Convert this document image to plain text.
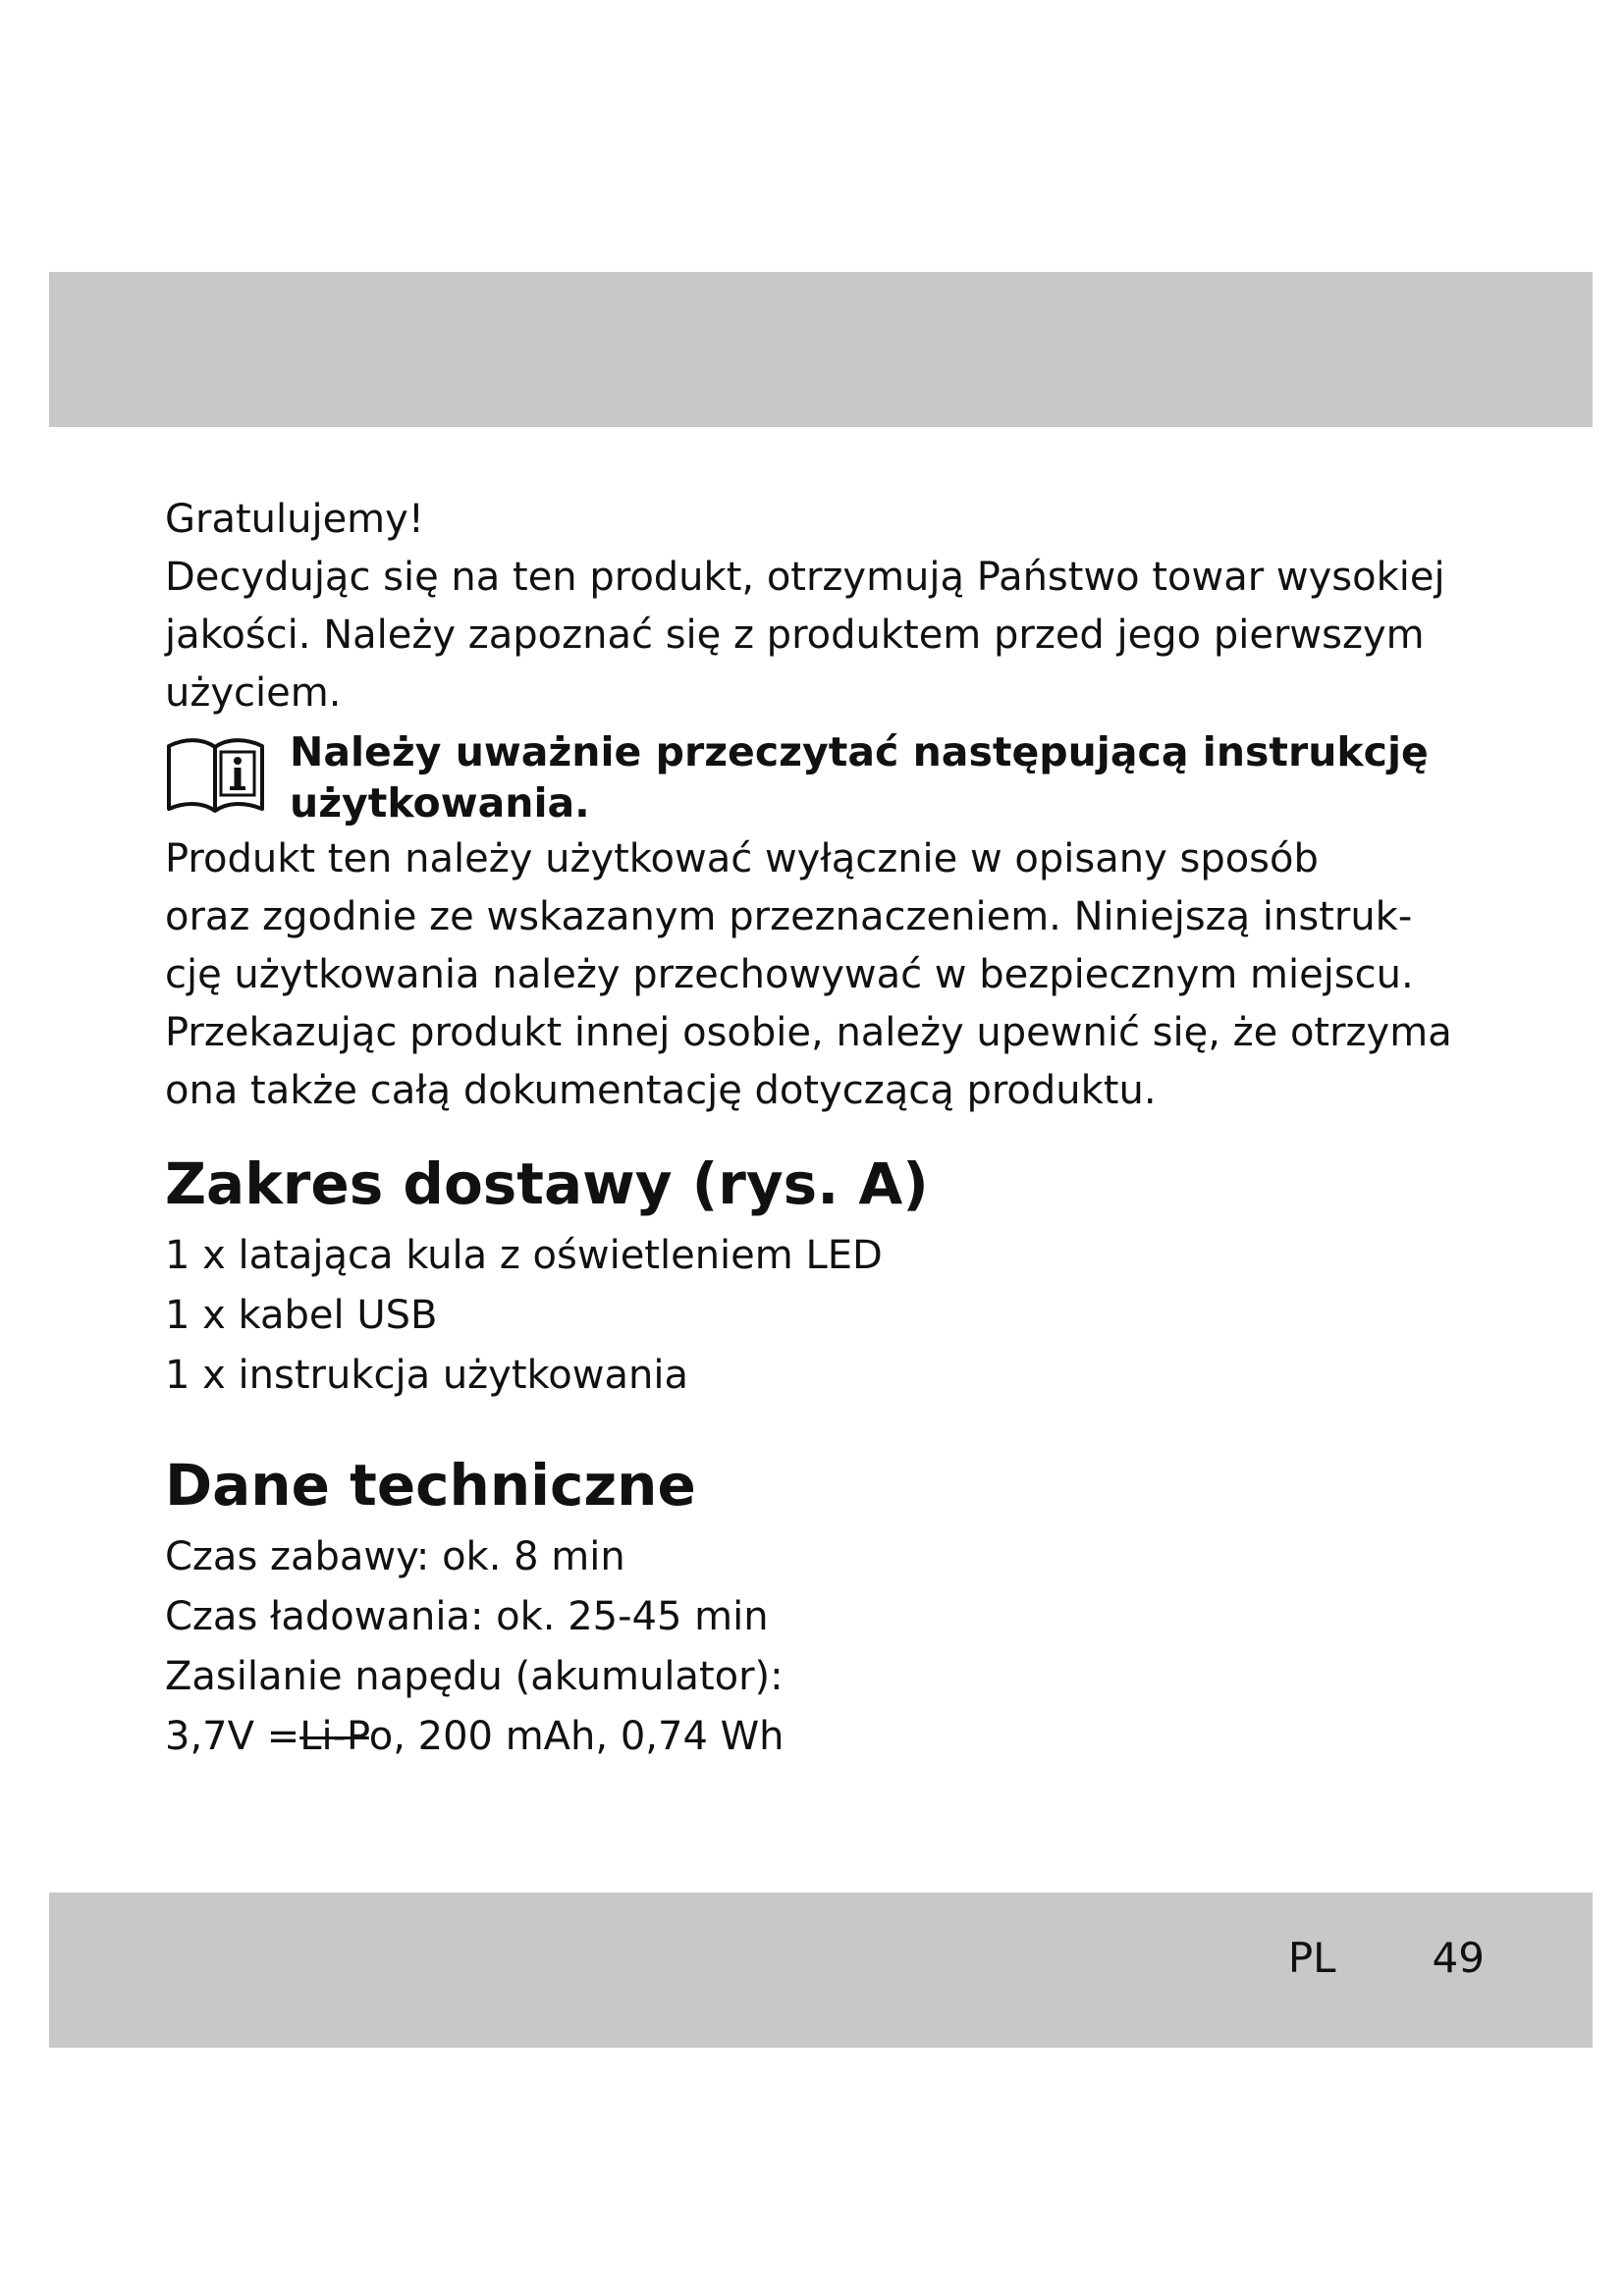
Gratulujemy!

Decydując się na ten produkt, otrzymują Państwo towar wysokiej

jakości. Należy zapoznać się z produktem przed jego pierwszym

użyciem.

Należy uważnie przeczytać następującą instrukcję

użytkowania.

Produkt ten należy użytkować wyłącznie w opisany sposób

oraz zgodnie ze wskazanym przeznaczeniem. Niniejszą instruk-

cję użytkowania należy przechowywać w bezpiecznym miejscu.

Przekazując produkt innej osobie, należy upewnić się, że otrzyma

ona także całą dokumentację dotyczącą produktu.

Zakres dostawy (rys. A)

1 x latająca kula z oświetleniem LED

1 x kabel USB

1 x instrukcja użytkowania

Dane techniczne

Czas zabawy: ok. 8 min

Czas ładowania: ok. 25-45 min

Zasilanie napędu (akumulator):

3,7V =Li-Po, 200 mAh, 0,74 Wh

PL 49
